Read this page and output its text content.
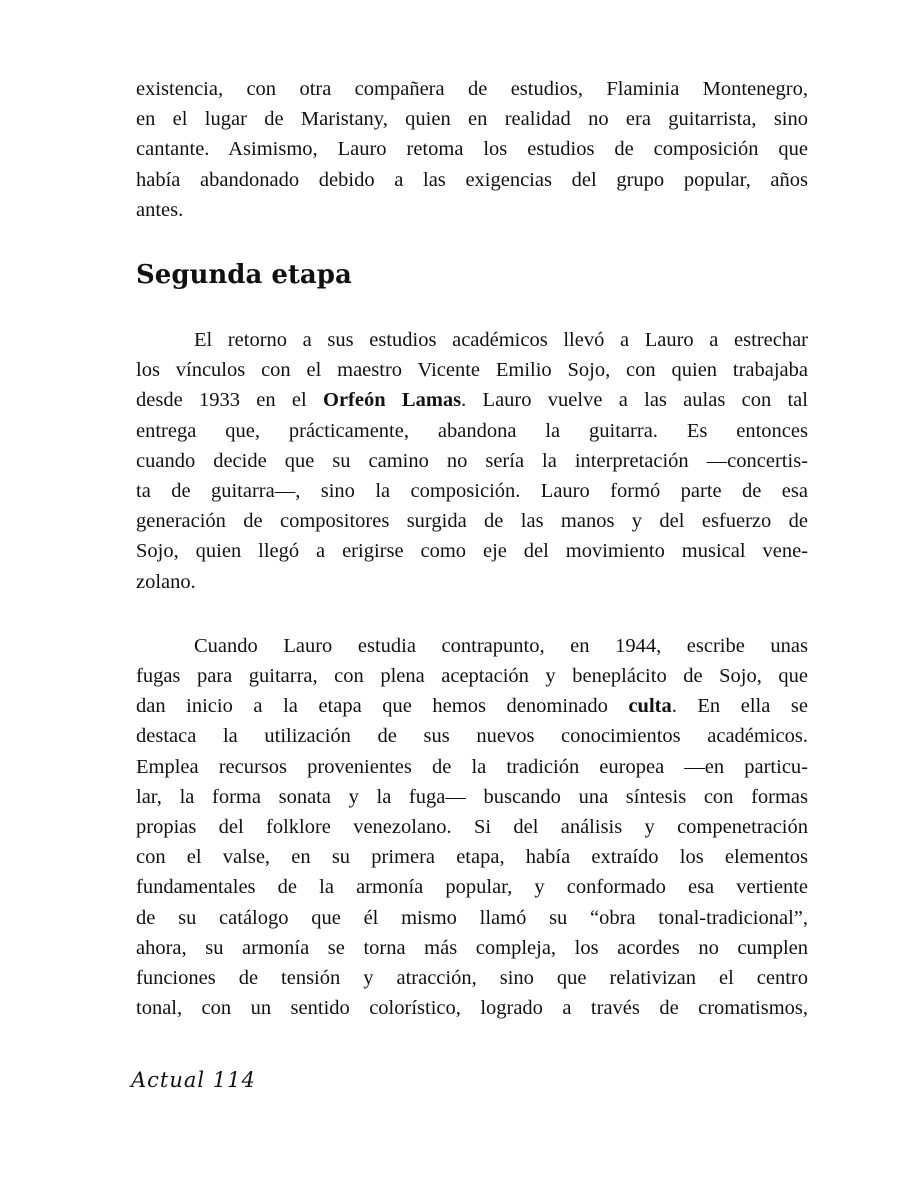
existencia, con otra compañera de estudios, Flaminia Montenegro,
en el lugar de Maristany, quien en realidad no era guitarrista, sino
cantante. Asimismo, Lauro retoma los estudios de composición que
había abandonado debido a las exigencias del grupo popular, años
antes.

Segunda etapa

El retorno a sus estudios académicos llevó a Lauro a estrechar
los vínculos con el maestro Vicente Emilio Sojo, con quien trabajaba
desde 1933 en el Orfeón Lamas. Lauro vuelve a las aulas con tal
entrega que, prácticamente, abandona la guitarra. Es entonces
cuando decide que su camino no sería la interpretación —concertis-
ta de guitarra—, sino la composición. Lauro formó parte de esa
generación de compositores surgida de las manos y del esfuerzo de
Sojo, quien llegó a erigirse como eje del movimiento musical vene-
zolano.

Cuando Lauro estudia contrapunto, en 1944, escribe unas
fugas para guitarra, con plena aceptación y beneplácito de Sojo, que
dan inicio a la etapa que hemos denominado culta. En ella se
destaca la utilización de sus nuevos conocimientos académicos.
Emplea recursos provenientes de la tradición europea —en particu-
lar, la forma sonata y la fuga— buscando una síntesis con formas
propias del folklore venezolano. Si del análisis y compenetración
con el valse, en su primera etapa, había extraído los elementos
fundamentales de la armonía popular, y conformado esa vertiente
de su catálogo que él mismo llamó su “obra tonal-tradicional”,
ahora, su armonía se torna más compleja, los acordes no cumplen
funciones de tensión y atracción, sino que relativizan el centro
tonal, con un sentido colorístico, logrado a través de cromatismos,

Actual 114
